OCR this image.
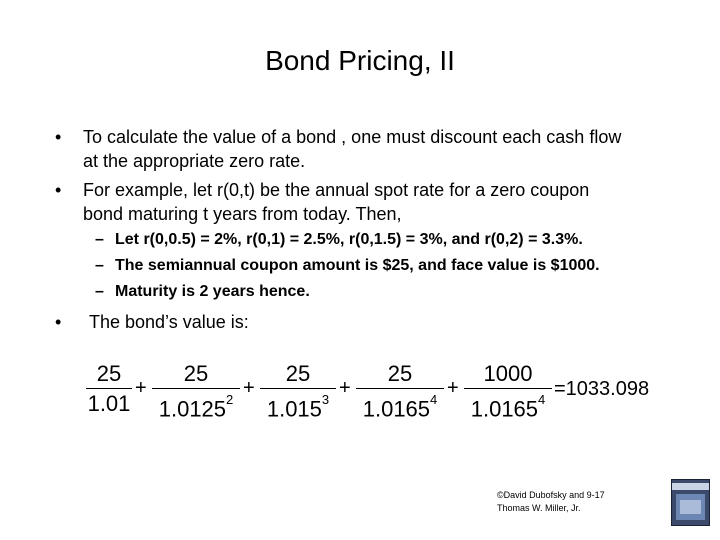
Bond Pricing, II
• To calculate the value of a bond , one must discount each cash flow
at the appropriate zero rate.
• For example, let r(0,t) be the annual spot rate for a zero coupon
bond maturing t years from today. Then,
– Let r(0,0.5) = 2%, r(0,1) = 2.5%, r(0,1.5) = 3%, and r(0,2) = 3.3%.
– The semiannual coupon amount is $25, and face value is $1000.
– Maturity is 2 years hence.
• The bond’s value is:
25
1.01
+
25
$1.0125^2$
+
25
$1.015^3$
+
25
$1.0165^4$
+
1000
$1.0165^4 =1033.098$
©David Dubofsky and 9-17
Thomas W. Miller, Jr.
